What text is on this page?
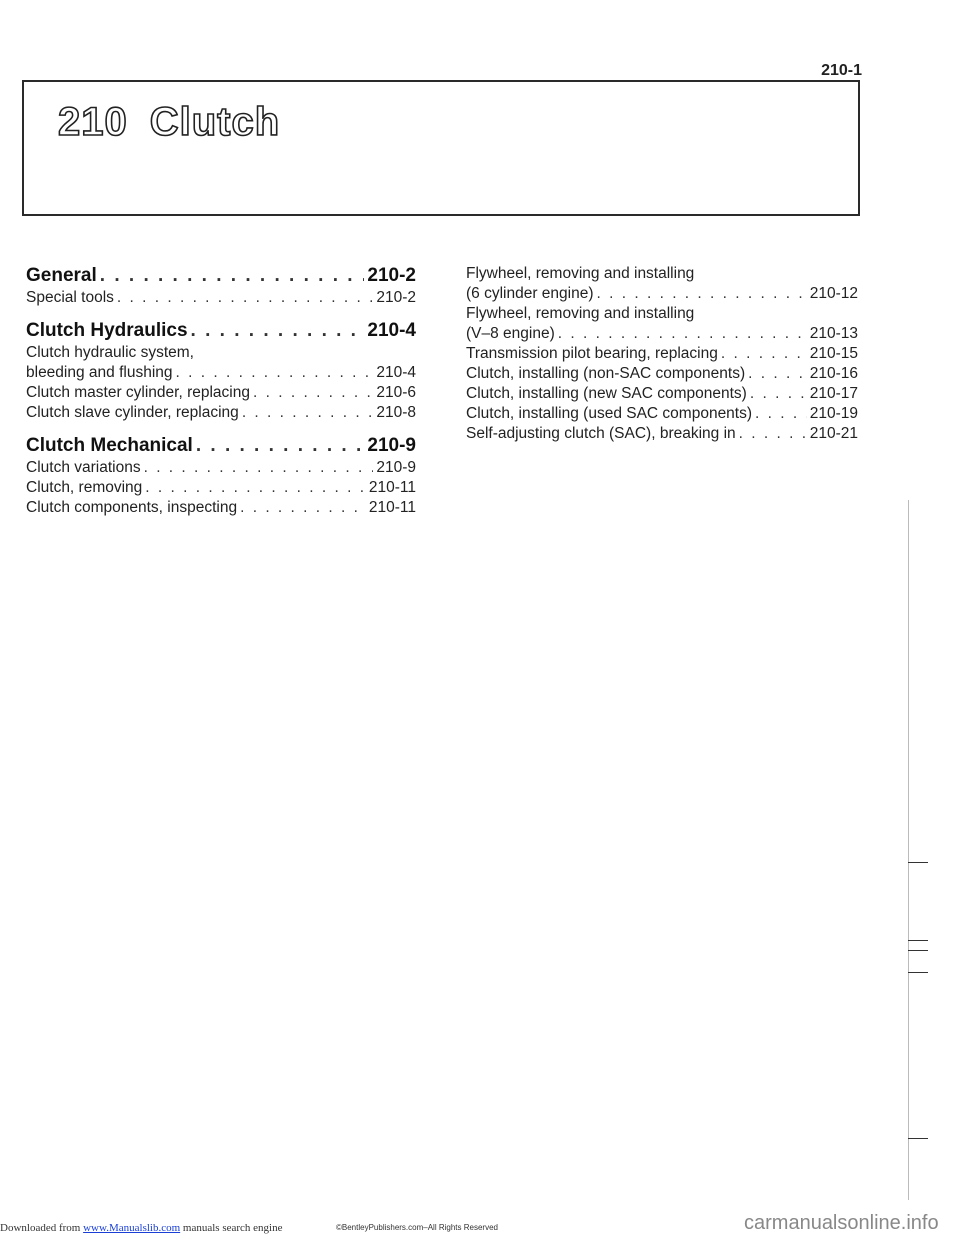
210-1
210 Clutch
General . . .	210-2
Special tools . . .	210-2
Clutch Hydraulics . . .	210-4
Clutch hydraulic system,
bleeding and flushing . . .	210-4
Clutch master cylinder, replacing . . .	210-6
Clutch slave cylinder, replacing . . .	210-8
Clutch Mechanical . . .	210-9
Clutch variations . . .	210-9
Clutch, removing . . .	210-11
Clutch components, inspecting . . .	210-11
Flywheel, removing and installing
(6 cylinder engine) . . .	210-12
Flywheel, removing and installing
(V–8 engine) . . .	210-13
Transmission pilot bearing, replacing . . .	210-15
Clutch, installing (non-SAC components) . . .	210-16
Clutch, installing (new SAC components) . . .	210-17
Clutch, installing (used SAC components) . . .	210-19
Self-adjusting clutch (SAC), breaking in . . .	210-21
Downloaded from www.Manualslib.com manuals search engine	©BentleyPublishers.com–All Rights Reserved	carmanualsonline.info
